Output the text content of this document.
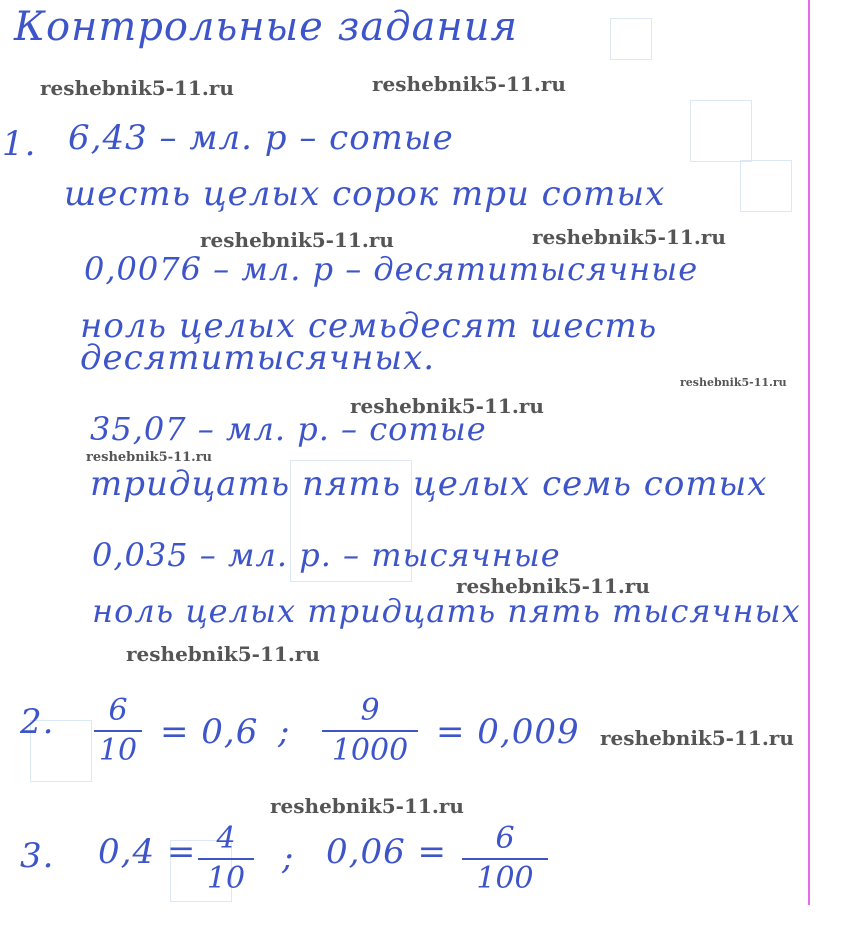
Контрольные задания
reshebnik5-11.ru	reshebnik5-11.ru
reshebnik5-11.ru	reshebnik5-11.ru
reshebnik5-11.ru
reshebnik5-11.ru
reshebnik5-11.ru
reshebnik5-11.ru
reshebnik5-11.ru
reshebnik5-11.ru
reshebnik5-11.ru
1. 6,43 – мл. р – сотые
шесть целых сорок три сотых
0,0076 – мл. р – десятитысячные
ноль целых семьдесят шесть
десятитысячных.
35,07 – мл. р. – сотые
тридцать пять целых семь сотых
0,035 – мл. р. – тысячные
ноль целых тридцать пять тысячных
2. 6
10 = 0,6 ;
9
1000 = 0,009
3. 0,4 = 4
10
; 0,06 = 6
100
